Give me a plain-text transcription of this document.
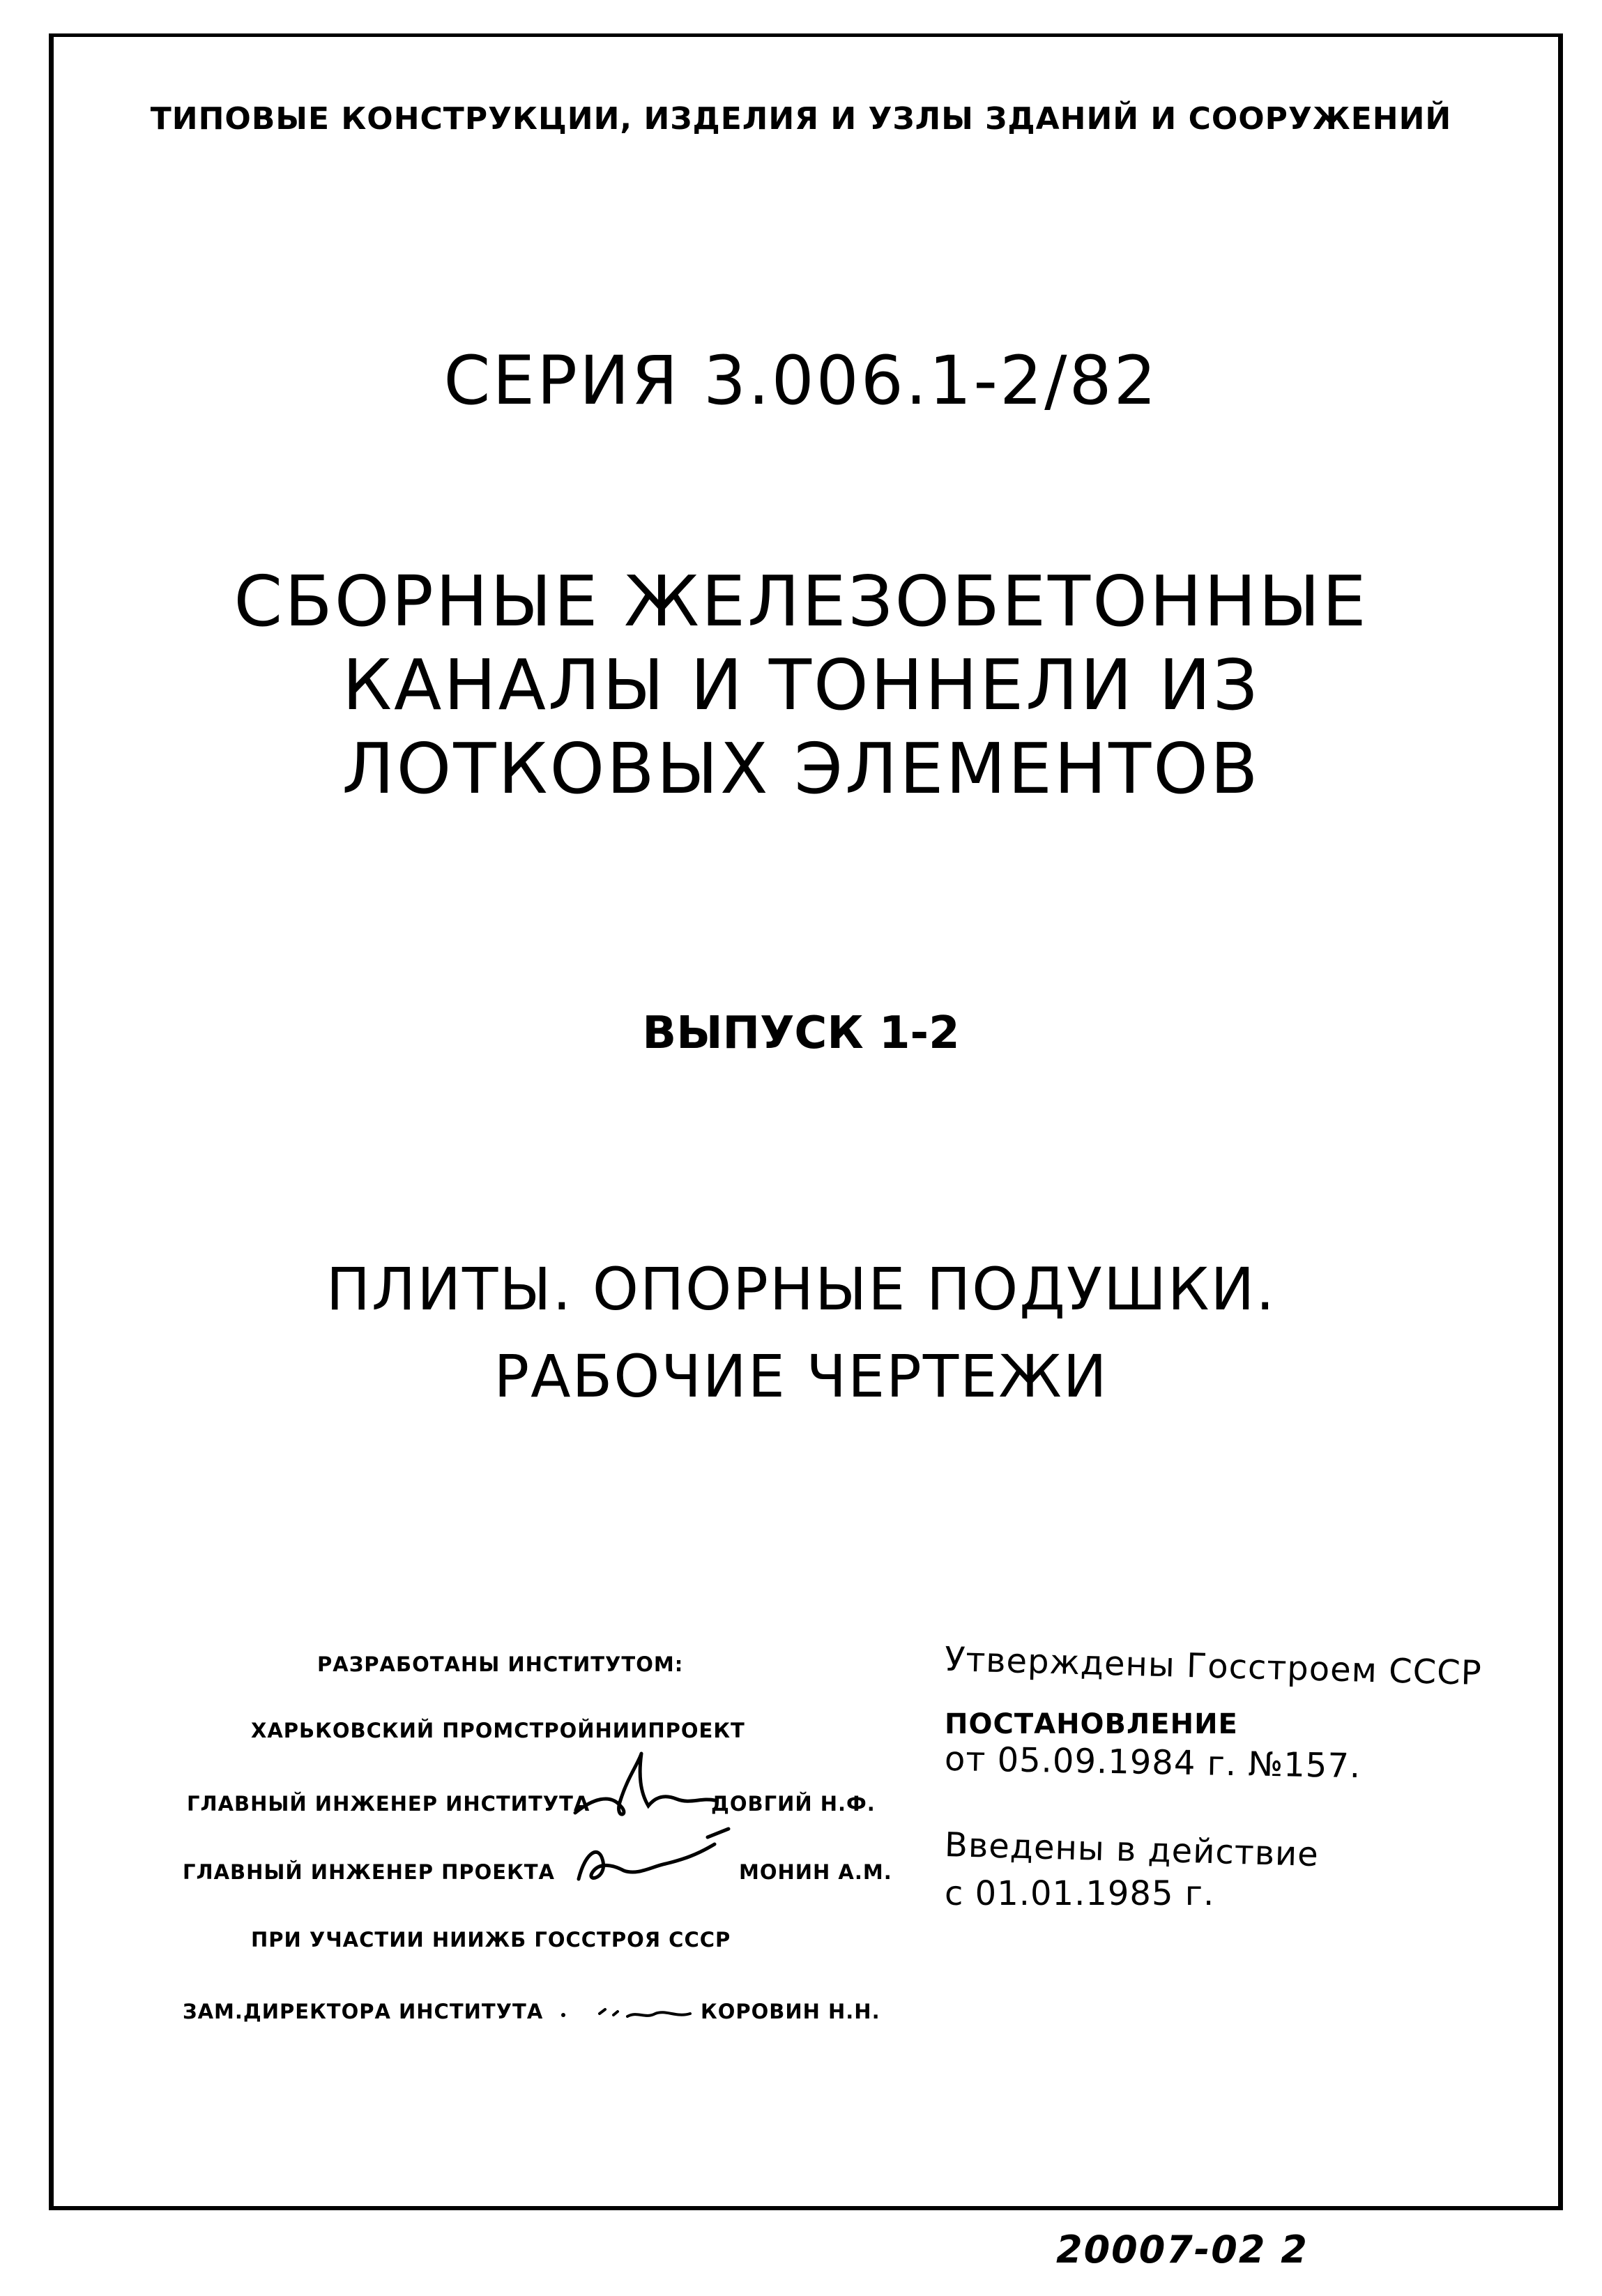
ТИПОВЫЕ КОНСТРУКЦИИ, ИЗДЕЛИЯ И УЗЛЫ ЗДАНИЙ И СООРУЖЕНИЙ
СЕРИЯ 3.006.1-2/82
СБОРНЫЕ ЖЕЛЕЗОБЕТОННЫЕ
КАНАЛЫ И ТОННЕЛИ ИЗ
ЛОТКОВЫХ ЭЛЕМЕНТОВ
ВЫПУСК 1-2
ПЛИТЫ. ОПОРНЫЕ ПОДУШКИ.
РАБОЧИЕ ЧЕРТЕЖИ
РАЗРАБОТАНЫ ИНСТИТУТОМ:
ХАРЬКОВСКИЙ ПРОМСТРОЙНИИПРОЕКТ
ГЛАВНЫЙ ИНЖЕНЕР ИНСТИТУТА	ДОВГИЙ Н.Ф.
ГЛАВНЫЙ ИНЖЕНЕР ПРОЕКТА	МОНИН А.М.
ПРИ УЧАСТИИ НИИЖБ ГОССТРОЯ СССР
ЗАМ.ДИРЕКТОРА ИНСТИТУТА	КОРОВИН Н.Н.
Утверждены Госстроем СССР
ПОСТАНОВЛЕНИЕ
от 05.09.1984 г. №157.
Введены в действие
с 01.01.1985 г.
20007-02 2
